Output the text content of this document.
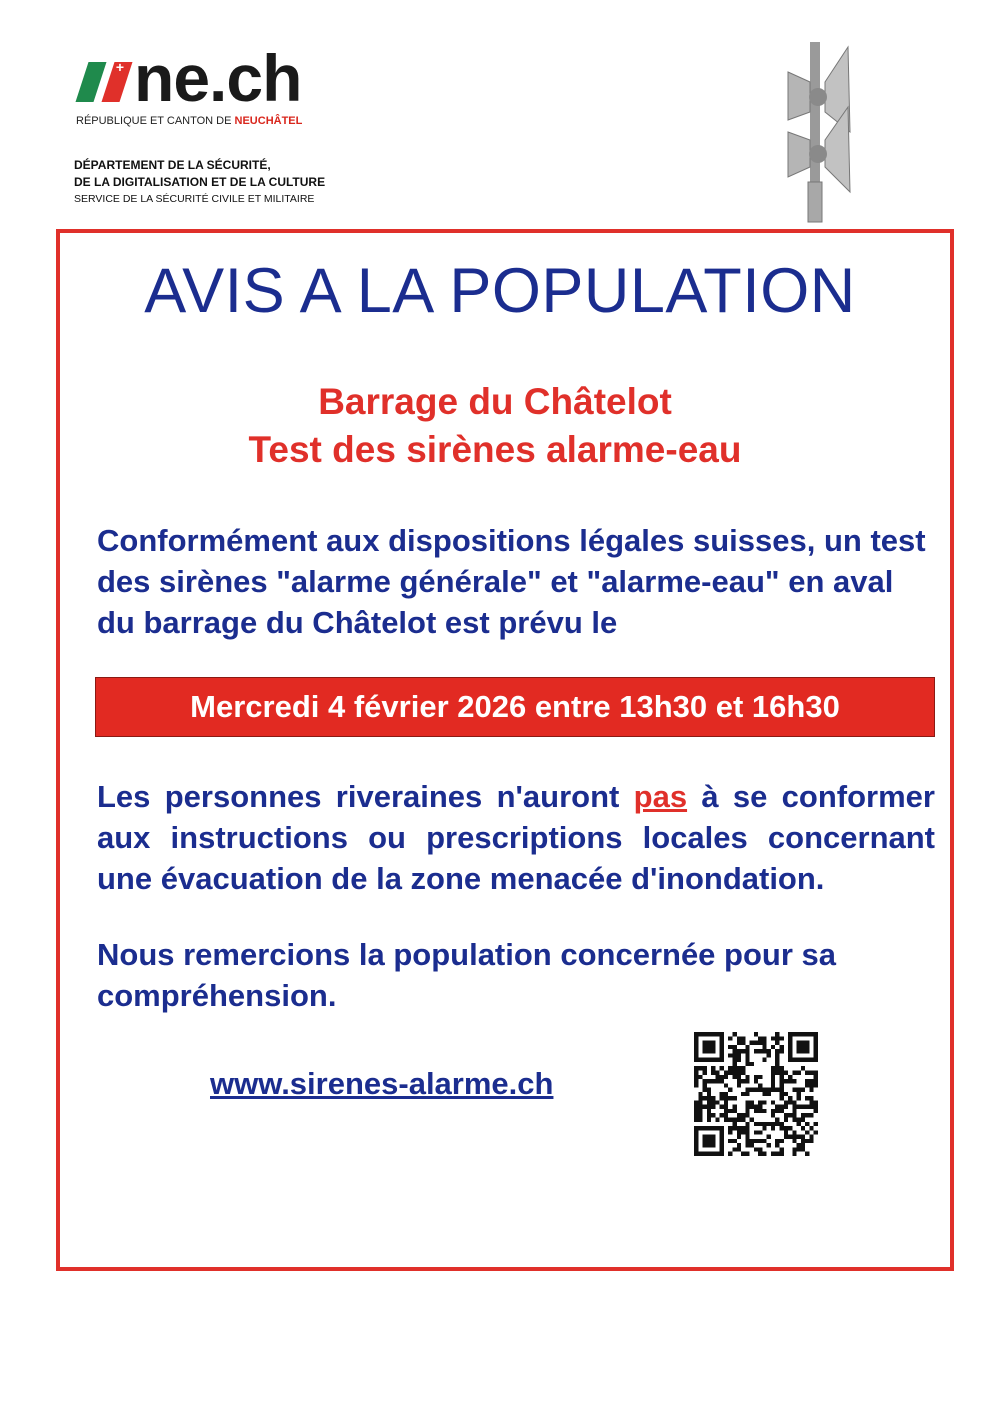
+ ne.ch
RÉPUBLIQUE ET CANTON DE NEUCHÂTEL
DÉPARTEMENT DE LA SÉCURITÉ,
DE LA DIGITALISATION ET DE LA CULTURE
SERVICE DE LA SÉCURITÉ CIVILE ET MILITAIRE
AVIS A LA POPULATION
Barrage du Châtelot
Test des sirènes alarme-eau
Conformément aux dispositions légales suisses, un test des sirènes "alarme générale" et "alarme-eau" en aval du barrage du Châtelot est prévu le
Mercredi 4 février 2026 entre 13h30 et 16h30
Les personnes riveraines n'auront pas à se conformer aux instructions ou prescriptions locales concernant une évacuation de la zone menacée d'inondation.
Nous remercions la population concernée pour sa compréhension.
www.sirenes-alarme.ch
